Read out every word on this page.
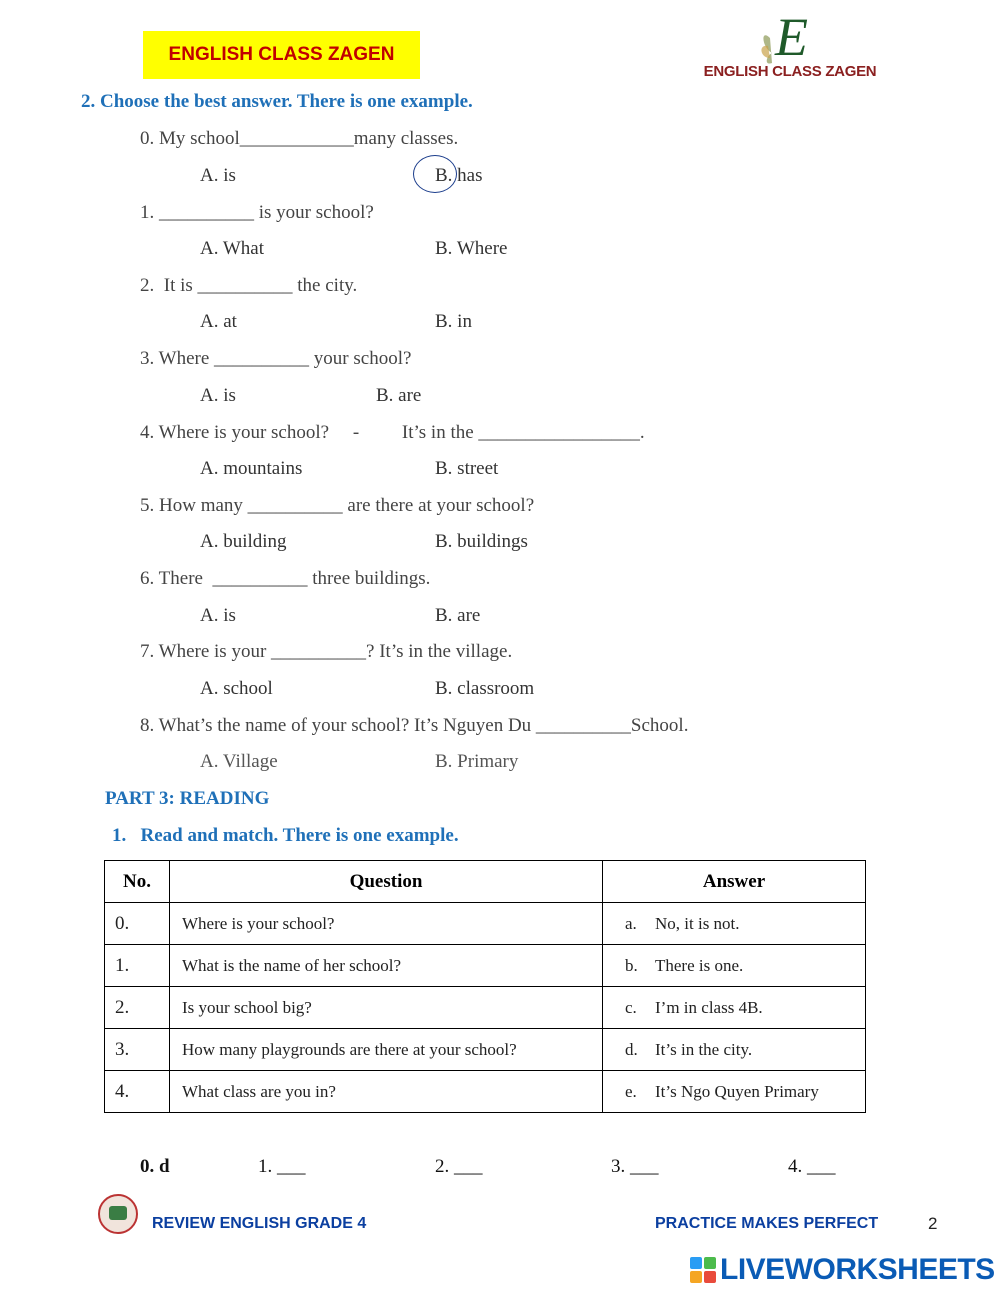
ENGLISH CLASS ZAGEN	E
ENGLISH CLASS ZAGEN
2. Choose the best answer. There is one example.
0. My school____________many classes.
A. is	B. has
1. __________ is your school?
A. What	B. Where
2.  It is __________ the city.
A. at	B. in
3. Where __________ your school?
A. is	B. are
4. Where is your school?     -         It’s in the _________________.
A. mountains	B. street
5. How many __________ are there at your school?
A. building	B. buildings
6. There  __________ three buildings.
A. is	B. are
7. Where is your __________? It’s in the village.
A. school	B. classroom
8. What’s the name of your school? It’s Nguyen Du __________School.
A. Village	B. Primary
PART 3: READING
1.   Read and match. There is one example.
No.	Question	Answer
0.	Where is your school?	a. No, it is not.
1.	What is the name of her school?	b. There is one.
2.	Is your school big?	c. I’m in class 4B.
3.	How many playgrounds are there at your school?	d. It’s in the city.
4.	What class are you in?	e. It’s Ngo Quyen Primary
0. d	1. ___	2. ___	3. ___	4. ___
REVIEW ENGLISH GRADE 4	PRACTICE MAKES PERFECT	2
LIVEWORKSHEETS
